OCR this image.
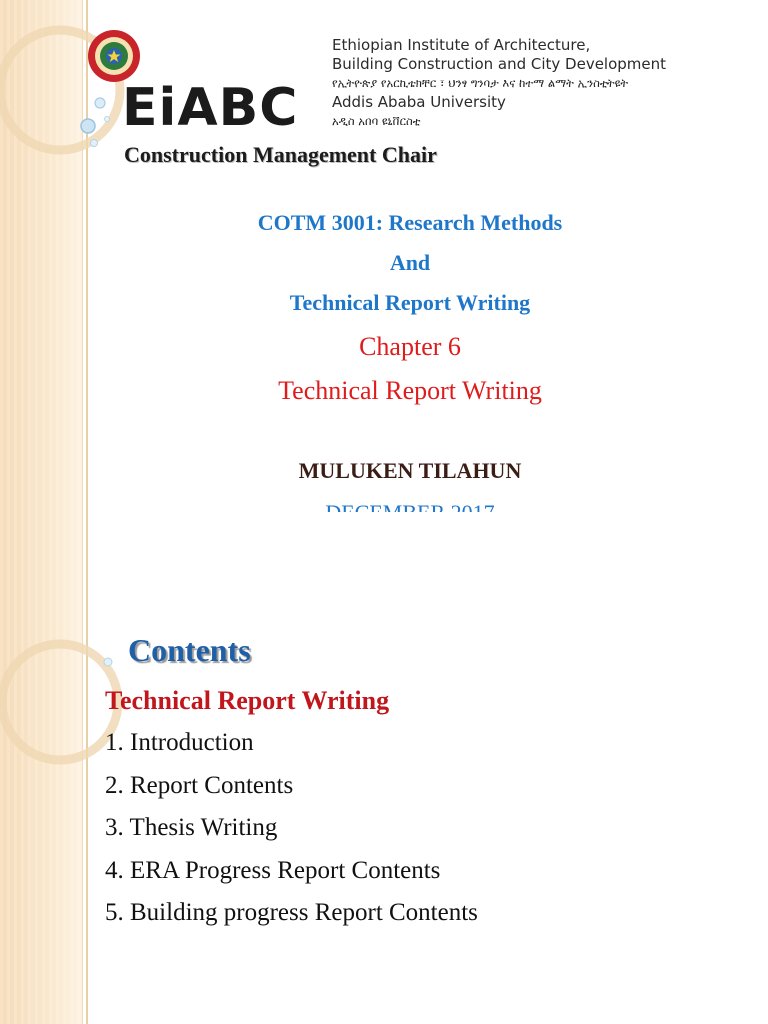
EiABC
Ethiopian Institute of Architecture,
Building Construction and City Development
የኢትዮጵያ የአርኪቴክቸር ፣ ህንፃ ግንባታ እና ከተማ ልማት ኢንስቲትዩት
Addis Ababa University
አዲስ አበባ ዩኒቨርስቲ
Construction Management Chair
COTM 3001: Research Methods
And
Technical Report Writing
Chapter 6
Technical Report Writing
MULUKEN TILAHUN
Contents
Technical Report Writing
1. Introduction
2. Report Contents
3. Thesis Writing
4. ERA Progress Report Contents
5. Building progress Report Contents
